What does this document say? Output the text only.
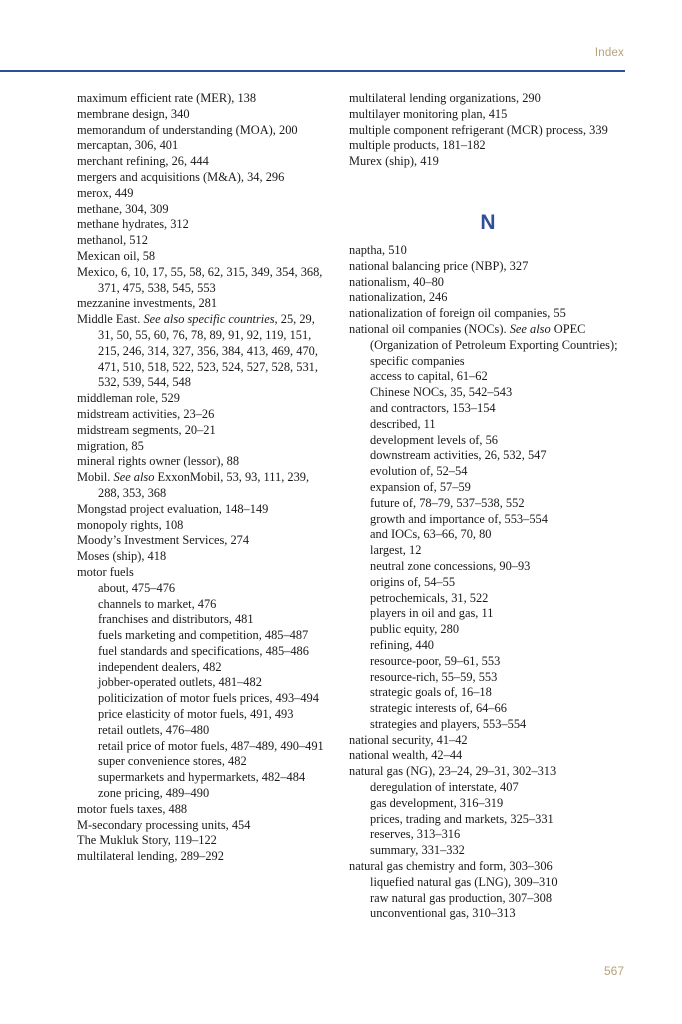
Index

maximum efficient rate (MER), 138

membrane design, 340

memorandum of understanding (MOA), 200

mercaptan, 306, 401

merchant refining, 26, 444

mergers and acquisitions (M&A), 34, 296

merox, 449

methane, 304, 309

methane hydrates, 312

methanol, 512

Mexican oil, 58

Mexico, 6, 10, 17, 55, 58, 62, 315, 349, 354, 368, 371, 475, 538, 545, 553

mezzanine investments, 281

Middle East. See also specific countries, 25, 29, 31, 50, 55, 60, 76, 78, 89, 91, 92, 119, 151, 215, 246, 314, 327, 356, 384, 413, 469, 470, 471, 510, 518, 522, 523, 524, 527, 528, 531, 532, 539, 544, 548

middleman role, 529

midstream activities, 23–26

midstream segments, 20–21

migration, 85

mineral rights owner (lessor), 88

Mobil. See also ExxonMobil, 53, 93, 111, 239, 288, 353, 368

Mongstad project evaluation, 148–149

monopoly rights, 108

Moody’s Investment Services, 274

Moses (ship), 418

motor fuels

about, 475–476

channels to market, 476

franchises and distributors, 481

fuels marketing and competition, 485–487

fuel standards and specifications, 485–486

independent dealers, 482

jobber-operated outlets, 481–482

politicization of motor fuels prices, 493–494

price elasticity of motor fuels, 491, 493

retail outlets, 476–480

retail price of motor fuels, 487–489, 490–491

super convenience stores, 482

supermarkets and hypermarkets, 482–484

zone pricing, 489–490

motor fuels taxes, 488

M-secondary processing units, 454

The Mukluk Story, 119–122

multilateral lending, 289–292

multilateral lending organizations, 290

multilayer monitoring plan, 415

multiple component refrigerant (MCR) process, 339

multiple products, 181–182

Murex (ship), 419

N

naptha, 510

national balancing price (NBP), 327

nationalism, 40–80

nationalization, 246

nationalization of foreign oil companies, 55

national oil companies (NOCs). See also OPEC (Organization of Petroleum Exporting Countries); specific companies

access to capital, 61–62

Chinese NOCs, 35, 542–543

and contractors, 153–154

described, 11

development levels of, 56

downstream activities, 26, 532, 547

evolution of, 52–54

expansion of, 57–59

future of, 78–79, 537–538, 552

growth and importance of, 553–554

and IOCs, 63–66, 70, 80

largest, 12

neutral zone concessions, 90–93

origins of, 54–55

petrochemicals, 31, 522

players in oil and gas, 11

public equity, 280

refining, 440

resource-poor, 59–61, 553

resource-rich, 55–59, 553

strategic goals of, 16–18

strategic interests of, 64–66

strategies and players, 553–554

national security, 41–42

national wealth, 42–44

natural gas (NG), 23–24, 29–31, 302–313

deregulation of interstate, 407

gas development, 316–319

prices, trading and markets, 325–331

reserves, 313–316

summary, 331–332

natural gas chemistry and form, 303–306

liquefied natural gas (LNG), 309–310

raw natural gas production, 307–308

unconventional gas, 310–313

567
